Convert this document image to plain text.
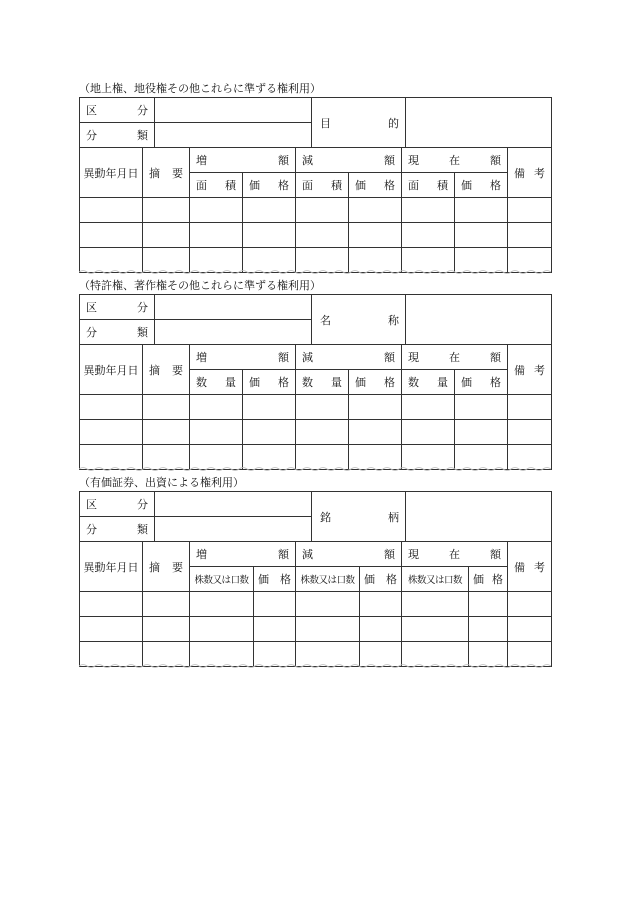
（地上権、地役権その他これらに準ずる権利用）
区 分		目 的	

分 類			

異動年月日	摘 要	増 額		減 額		現 在 額		備 考

		面 積	価 格	面 積	価 格	面 積	価 格	

（特許権、著作権その他これらに準ずる権利用）
区 分		名 称	

分 類			

異動年月日	摘 要	増 額		減 額		現 在 額		備 考

		数 量	価 格	数 量	価 格	数 量	価 格	

（有価証券、出資による権利用）
区 分		銘 柄	

分 類			

異動年月日	摘 要	増 額		減 額		現 在 額		備 考

		株数又は口数	価 格	株数又は口数	価 格	株数又は口数	価 格	
